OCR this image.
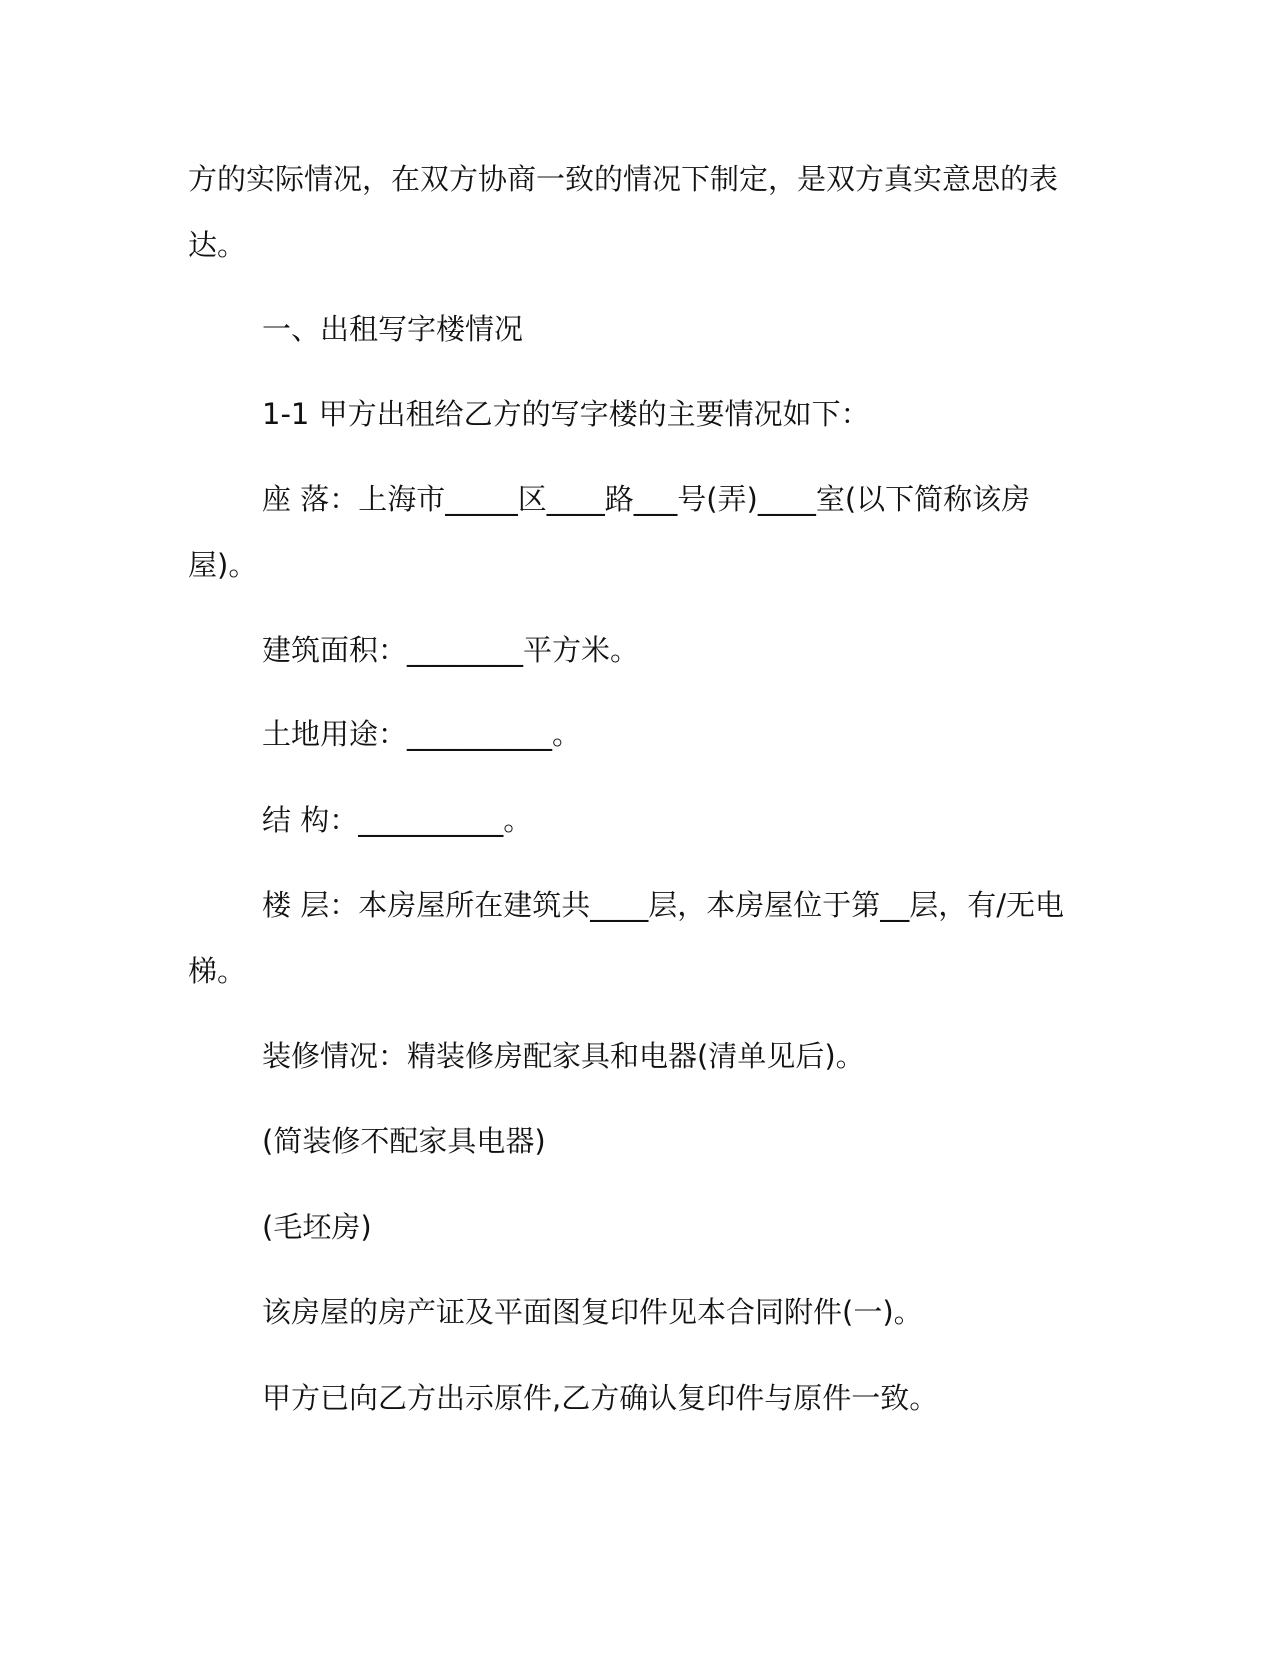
方的实际情况，在双方协商一致的情况下制定，是双方真实意思的表
达。
一、出租写字楼情况
1-1 甲方出租给乙方的写字楼的主要情况如下：
座 落：上海市_____区____路___号(弄)____室(以下简称该房
屋)。
建筑面积：________平方米。
土地用途：__________。
结 构：__________。
楼 层：本房屋所在建筑共____层，本房屋位于第__层，有/无电
梯。
装修情况：精装修房配家具和电器(清单见后)。
(简装修不配家具电器)
(毛坯房)
该房屋的房产证及平面图复印件见本合同附件(一)。
甲方已向乙方出示原件,乙方确认复印件与原件一致。
